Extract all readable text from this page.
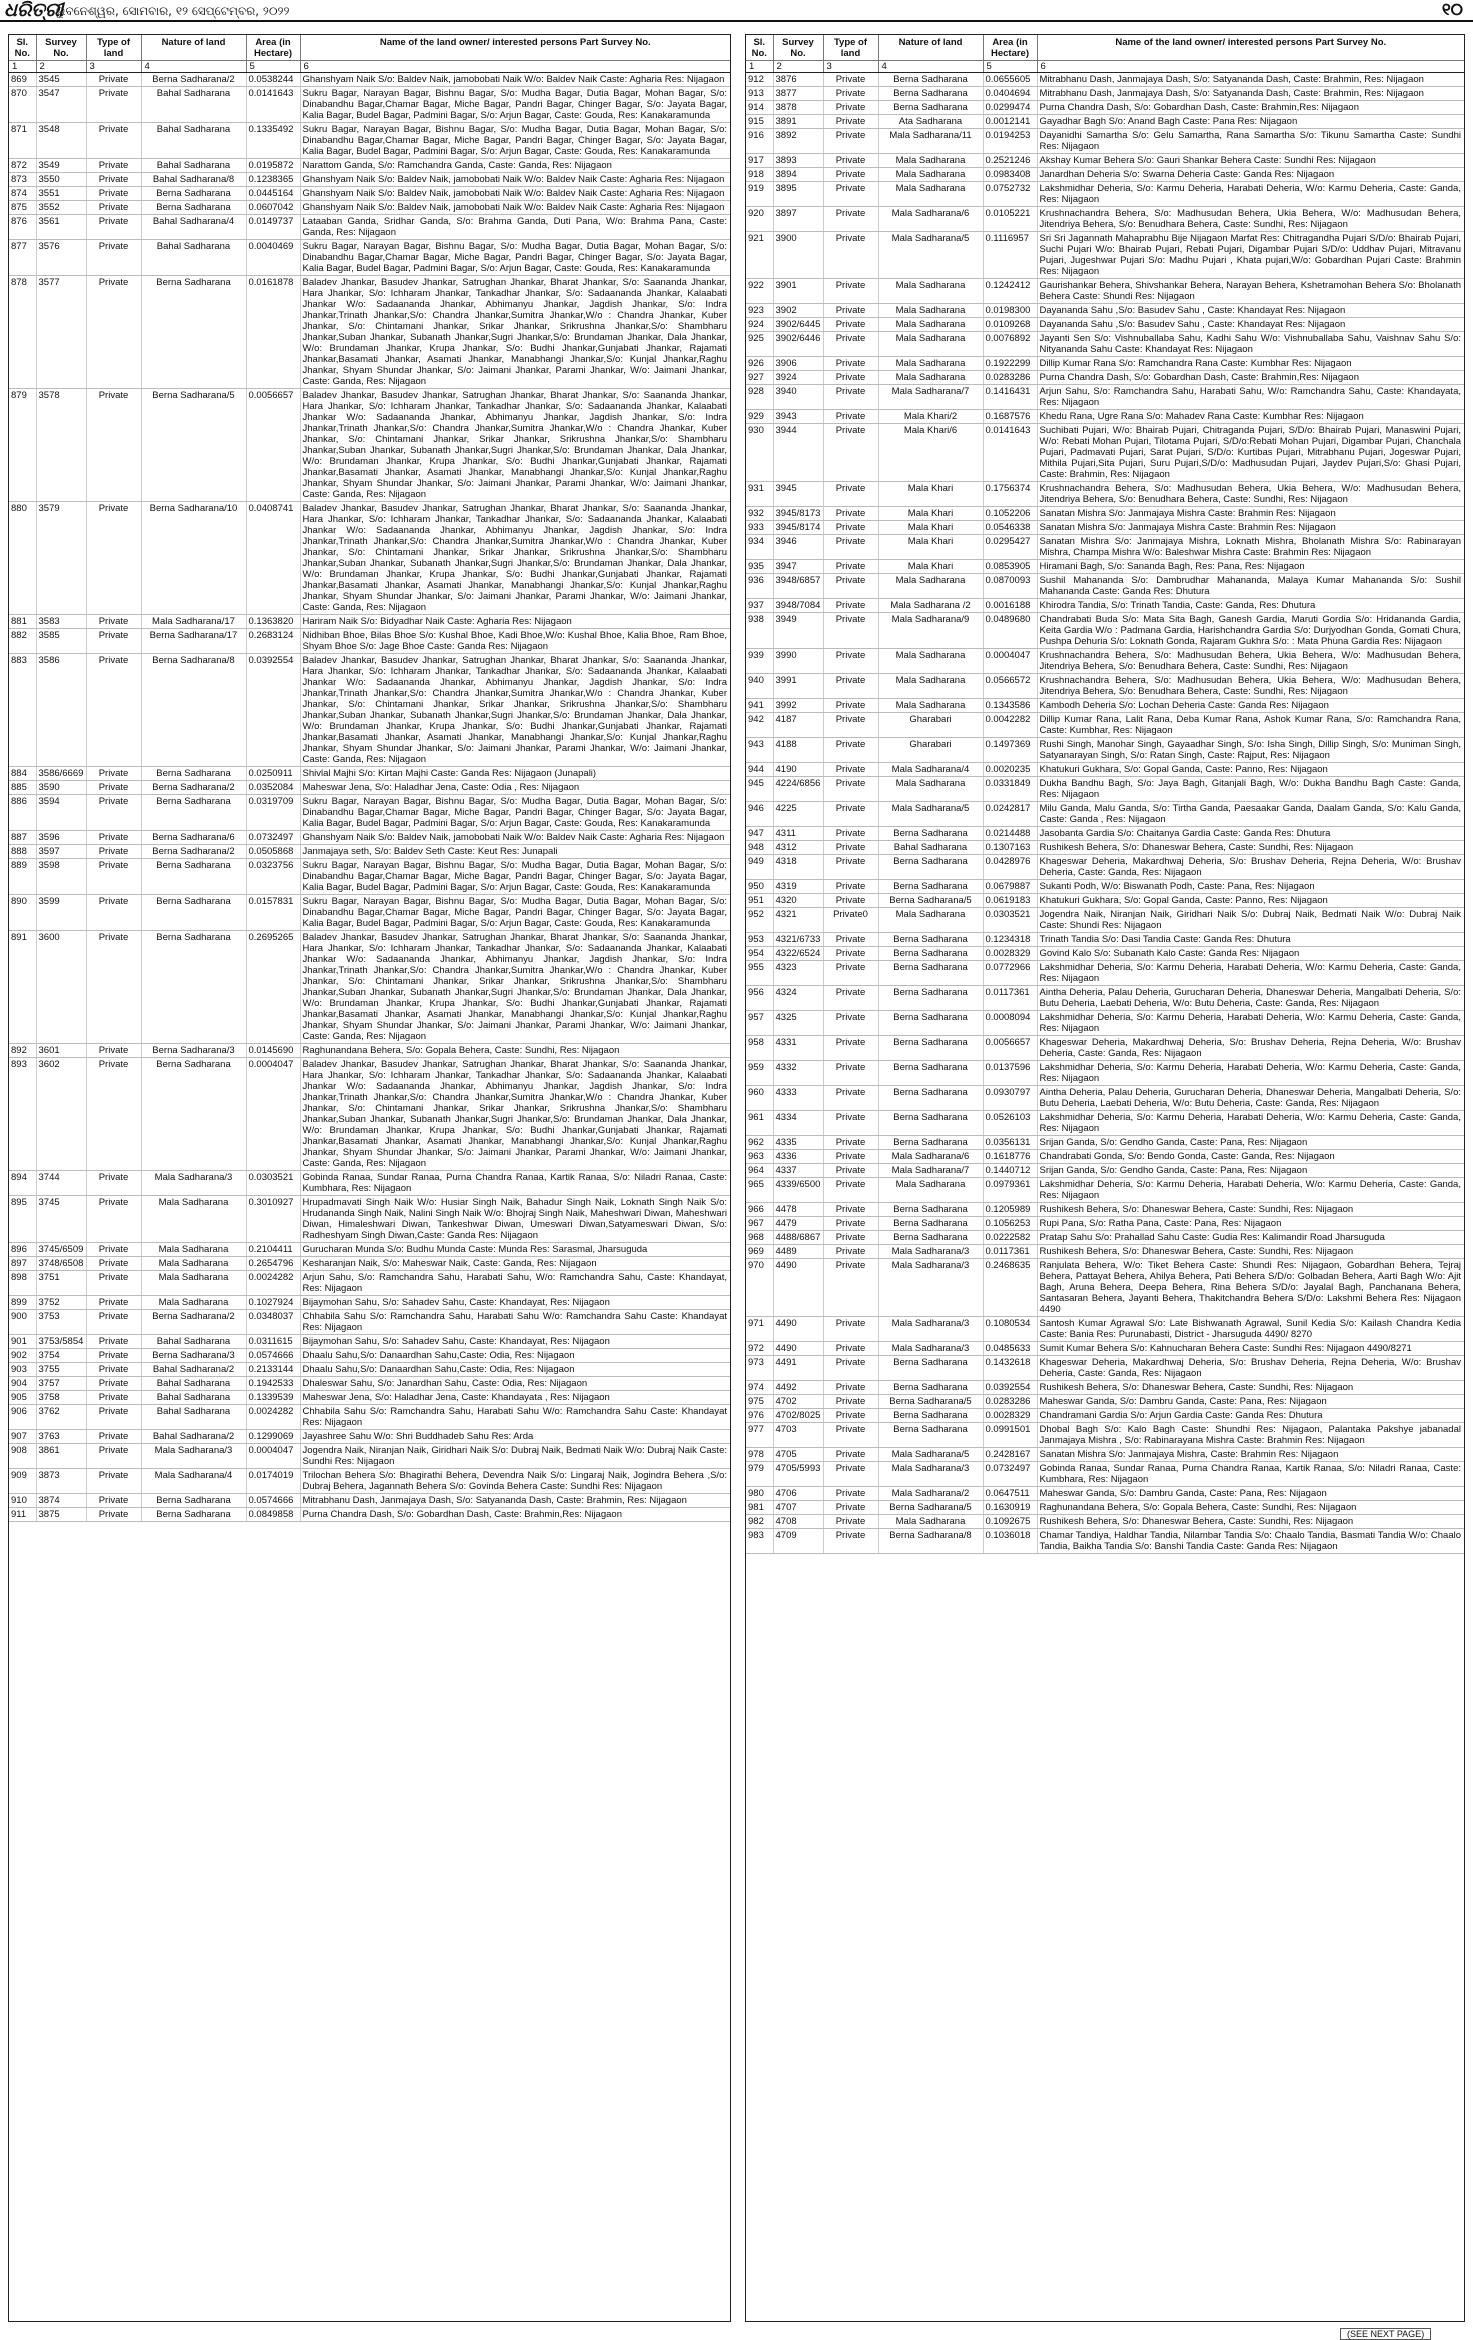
ଧରିତ୍ରୀ
ଭୁବନେଶ୍ୱର, ସୋମବାର, ୧୨ ସେପ୍ଟେମ୍ବର, ୨୦୨୨	୧୦
Sl. No.	Survey No.	Type of land	Nature of land	Area (in Hectare)	Name of the land owner/ interested persons Part Survey No.
1	2	3	4	5	6
869	3545	Private	Berna Sadharana/2	0.0538244	Ghanshyam Naik S/o: Baldev Naik, jamobobati Naik W/o: Baldev Naik Caste: Agharia Res: Nijagaon
870	3547	Private	Bahal Sadharana	0.0141643	Sukru Bagar, Narayan Bagar, Bishnu Bagar, S/o: Mudha Bagar, Dutia Bagar, Mohan Bagar, S/o: Dinabandhu Bagar,Chamar Bagar, Miche Bagar, Pandri Bagar, Chinger Bagar, S/o: Jayata Bagar, Kalia Bagar, Budel Bagar, Padmini Bagar, S/o: Arjun Bagar, Caste: Gouda, Res: Kanakaramunda
871	3548	Private	Bahal Sadharana	0.1335492	Sukru Bagar, Narayan Bagar, Bishnu Bagar, S/o: Mudha Bagar, Dutia Bagar, Mohan Bagar, S/o: Dinabandhu Bagar,Chamar Bagar, Miche Bagar, Pandri Bagar, Chinger Bagar, S/o: Jayata Bagar, Kalia Bagar, Budel Bagar, Padmini Bagar, S/o: Arjun Bagar, Caste: Gouda, Res: Kanakaramunda
872	3549	Private	Bahal Sadharana	0.0195872	Narattom Ganda, S/o: Ramchandra Ganda, Caste: Ganda, Res: Nijagaon
873	3550	Private	Bahal Sadharana/8	0.1238365	Ghanshyam Naik S/o: Baldev Naik, jamobobati Naik W/o: Baldev Naik Caste: Agharia Res: Nijagaon
874	3551	Private	Berna Sadharana	0.0445164	Ghanshyam Naik S/o: Baldev Naik, jamobobati Naik W/o: Baldev Naik Caste: Agharia Res: Nijagaon
875	3552	Private	Berna Sadharana	0.0607042	Ghanshyam Naik S/o: Baldev Naik, jamobobati Naik W/o: Baldev Naik Caste: Agharia Res: Nijagaon
876	3561	Private	Bahal Sadharana/4	0.0149737	Lataaban Ganda, Sridhar Ganda, S/o: Brahma Ganda, Duti Pana, W/o: Brahma Pana, Caste: Ganda, Res: Nijagaon
877	3576	Private	Bahal Sadharana	0.0040469	Sukru Bagar, Narayan Bagar, Bishnu Bagar, S/o: Mudha Bagar, Dutia Bagar, Mohan Bagar, S/o: Dinabandhu Bagar,Chamar Bagar, Miche Bagar, Pandri Bagar, Chinger Bagar, S/o: Jayata Bagar, Kalia Bagar, Budel Bagar, Padmini Bagar, S/o: Arjun Bagar, Caste: Gouda, Res: Kanakaramunda
878	3577	Private	Berna Sadharana	0.0161878	Baladev Jhankar, Basudev Jhankar, Satrughan Jhankar, Bharat Jhankar, S/o: Saananda Jhankar, Hara Jhankar, S/o: Ichharam Jhankar, Tankadhar Jhankar, S/o: Sadaananda Jhankar, Kalaabati Jhankar W/o: Sadaananda Jhankar, Abhimanyu Jhankar, Jagdish Jhankar, S/o: Indra Jhankar,Trinath Jhankar,S/o: Chandra Jhankar,Sumitra Jhankar,W/o : Chandra Jhankar, Kuber Jhankar, S/o: Chintamani Jhankar, Srikar Jhankar, Srikrushna Jhankar,S/o: Shambharu Jhankar,Suban Jhankar, Subanath Jhankar,Sugri Jhankar,S/o: Brundaman Jhankar, Dala Jhankar, W/o: Brundaman Jhankar, Krupa Jhankar, S/o: Budhi Jhankar,Gunjabati Jhankar, Rajamati Jhankar,Basamati Jhankar, Asamati Jhankar, Manabhangi Jhankar,S/o: Kunjal Jhankar,Raghu Jhankar, Shyam Shundar Jhankar, S/o: Jaimani Jhankar, Parami Jhankar, W/o: Jaimani Jhankar, Caste: Ganda, Res: Nijagaon
879	3578	Private	Berna Sadharana/5	0.0056657	Baladev Jhankar, Basudev Jhankar, Satrughan Jhankar, Bharat Jhankar, S/o: Saananda Jhankar, Hara Jhankar, S/o: Ichharam Jhankar, Tankadhar Jhankar, S/o: Sadaananda Jhankar, Kalaabati Jhankar W/o: Sadaananda Jhankar, Abhimanyu Jhankar, Jagdish Jhankar, S/o: Indra Jhankar,Trinath Jhankar,S/o: Chandra Jhankar,Sumitra Jhankar,W/o : Chandra Jhankar, Kuber Jhankar, S/o: Chintamani Jhankar, Srikar Jhankar, Srikrushna Jhankar,S/o: Shambharu Jhankar,Suban Jhankar, Subanath Jhankar,Sugri Jhankar,S/o: Brundaman Jhankar, Dala Jhankar, W/o: Brundaman Jhankar, Krupa Jhankar, S/o: Budhi Jhankar,Gunjabati Jhankar, Rajamati Jhankar,Basamati Jhankar, Asamati Jhankar, Manabhangi Jhankar,S/o: Kunjal Jhankar,Raghu Jhankar, Shyam Shundar Jhankar, S/o: Jaimani Jhankar, Parami Jhankar, W/o: Jaimani Jhankar, Caste: Ganda, Res: Nijagaon
880	3579	Private	Berna Sadharana/10	0.0408741	Baladev Jhankar, Basudev Jhankar, Satrughan Jhankar, Bharat Jhankar, S/o: Saananda Jhankar, Hara Jhankar, S/o: Ichharam Jhankar, Tankadhar Jhankar, S/o: Sadaananda Jhankar, Kalaabati Jhankar W/o: Sadaananda Jhankar, Abhimanyu Jhankar, Jagdish Jhankar, S/o: Indra Jhankar,Trinath Jhankar,S/o: Chandra Jhankar,Sumitra Jhankar,W/o : Chandra Jhankar, Kuber Jhankar, S/o: Chintamani Jhankar, Srikar Jhankar, Srikrushna Jhankar,S/o: Shambharu Jhankar,Suban Jhankar, Subanath Jhankar,Sugri Jhankar,S/o: Brundaman Jhankar, Dala Jhankar, W/o: Brundaman Jhankar, Krupa Jhankar, S/o: Budhi Jhankar,Gunjabati Jhankar, Rajamati Jhankar,Basamati Jhankar, Asamati Jhankar, Manabhangi Jhankar,S/o: Kunjal Jhankar,Raghu Jhankar, Shyam Shundar Jhankar, S/o: Jaimani Jhankar, Parami Jhankar, W/o: Jaimani Jhankar, Caste: Ganda, Res: Nijagaon
881	3583	Private	Mala Sadharana/17	0.1363820	Hariram Naik S/o: Bidyadhar Naik Caste: Agharia Res: Nijagaon
882	3585	Private	Berna Sadharana/17	0.2683124	Nidhiban Bhoe, Bilas Bhoe S/o: Kushal Bhoe, Kadi Bhoe,W/o: Kushal Bhoe, Kalia Bhoe, Ram Bhoe, Shyam Bhoe S/o: Jage Bhoe Caste: Ganda Res: Nijagaon
883	3586	Private	Berna Sadharana/8	0.0392554	Baladev Jhankar, Basudev Jhankar, Satrughan Jhankar, Bharat Jhankar, S/o: Saananda Jhankar, Hara Jhankar, S/o: Ichharam Jhankar, Tankadhar Jhankar, S/o: Sadaananda Jhankar, Kalaabati Jhankar W/o: Sadaananda Jhankar, Abhimanyu Jhankar, Jagdish Jhankar, S/o: Indra Jhankar,Trinath Jhankar,S/o: Chandra Jhankar,Sumitra Jhankar,W/o : Chandra Jhankar, Kuber Jhankar, S/o: Chintamani Jhankar, Srikar Jhankar, Srikrushna Jhankar,S/o: Shambharu Jhankar,Suban Jhankar, Subanath Jhankar,Sugri Jhankar,S/o: Brundaman Jhankar, Dala Jhankar, W/o: Brundaman Jhankar, Krupa Jhankar, S/o: Budhi Jhankar,Gunjabati Jhankar, Rajamati Jhankar,Basamati Jhankar, Asamati Jhankar, Manabhangi Jhankar,S/o: Kunjal Jhankar,Raghu Jhankar, Shyam Shundar Jhankar, S/o: Jaimani Jhankar, Parami Jhankar, W/o: Jaimani Jhankar, Caste: Ganda, Res: Nijagaon
884	3586/6669	Private	Berna Sadharana	0.0250911	Shivlal Majhi S/o: Kirtan Majhi Caste: Ganda Res: Nijagaon (Junapali)
885	3590	Private	Berna Sadharana/2	0.0352084	Maheswar Jena, S/o: Haladhar Jena, Caste: Odia , Res: Nijagaon
886	3594	Private	Berna Sadharana	0.0319709	Sukru Bagar, Narayan Bagar, Bishnu Bagar, S/o: Mudha Bagar, Dutia Bagar, Mohan Bagar, S/o: Dinabandhu Bagar,Chamar Bagar, Miche Bagar, Pandri Bagar, Chinger Bagar, S/o: Jayata Bagar, Kalia Bagar, Budel Bagar, Padmini Bagar, S/o: Arjun Bagar, Caste: Gouda, Res: Kanakaramunda
887	3596	Private	Berna Sadharana/6	0.0732497	Ghanshyam Naik S/o: Baldev Naik, jamobobati Naik W/o: Baldev Naik Caste: Agharia Res: Nijagaon
888	3597	Private	Berna Sadharana/2	0.0505868	Janmajaya seth, S/o: Baldev Seth Caste: Keut Res: Junapali
889	3598	Private	Berna Sadharana	0.0323756	Sukru Bagar, Narayan Bagar, Bishnu Bagar, S/o: Mudha Bagar, Dutia Bagar, Mohan Bagar, S/o: Dinabandhu Bagar,Chamar Bagar, Miche Bagar, Pandri Bagar, Chinger Bagar, S/o: Jayata Bagar, Kalia Bagar, Budel Bagar, Padmini Bagar, S/o: Arjun Bagar, Caste: Gouda, Res: Kanakaramunda
890	3599	Private	Berna Sadharana	0.0157831	Sukru Bagar, Narayan Bagar, Bishnu Bagar, S/o: Mudha Bagar, Dutia Bagar, Mohan Bagar, S/o: Dinabandhu Bagar,Chamar Bagar, Miche Bagar, Pandri Bagar, Chinger Bagar, S/o: Jayata Bagar, Kalia Bagar, Budel Bagar, Padmini Bagar, S/o: Arjun Bagar, Caste: Gouda, Res: Kanakaramunda
891	3600	Private	Berna Sadharana	0.2695265	Baladev Jhankar, Basudev Jhankar, Satrughan Jhankar, Bharat Jhankar, S/o: Saananda Jhankar, Hara Jhankar, S/o: Ichharam Jhankar, Tankadhar Jhankar, S/o: Sadaananda Jhankar, Kalaabati Jhankar W/o: Sadaananda Jhankar, Abhimanyu Jhankar, Jagdish Jhankar, S/o: Indra Jhankar,Trinath Jhankar,S/o: Chandra Jhankar,Sumitra Jhankar,W/o : Chandra Jhankar, Kuber Jhankar, S/o: Chintamani Jhankar, Srikar Jhankar, Srikrushna Jhankar,S/o: Shambharu Jhankar,Suban Jhankar, Subanath Jhankar,Sugri Jhankar,S/o: Brundaman Jhankar, Dala Jhankar, W/o: Brundaman Jhankar, Krupa Jhankar, S/o: Budhi Jhankar,Gunjabati Jhankar, Rajamati Jhankar,Basamati Jhankar, Asamati Jhankar, Manabhangi Jhankar,S/o: Kunjal Jhankar,Raghu Jhankar, Shyam Shundar Jhankar, S/o: Jaimani Jhankar, Parami Jhankar, W/o: Jaimani Jhankar, Caste: Ganda, Res: Nijagaon
892	3601	Private	Berna Sadharana/3	0.0145690	Raghunandana Behera, S/o: Gopala Behera, Caste: Sundhi, Res: Nijagaon
893	3602	Private	Berna Sadharana	0.0004047	Baladev Jhankar, Basudev Jhankar, Satrughan Jhankar, Bharat Jhankar, S/o: Saananda Jhankar, Hara Jhankar, S/o: Ichharam Jhankar, Tankadhar Jhankar, S/o: Sadaananda Jhankar, Kalaabati Jhankar W/o: Sadaananda Jhankar, Abhimanyu Jhankar, Jagdish Jhankar, S/o: Indra Jhankar,Trinath Jhankar,S/o: Chandra Jhankar,Sumitra Jhankar,W/o : Chandra Jhankar, Kuber Jhankar, S/o: Chintamani Jhankar, Srikar Jhankar, Srikrushna Jhankar,S/o: Shambharu Jhankar,Suban Jhankar, Subanath Jhankar,Sugri Jhankar,S/o: Brundaman Jhankar, Dala Jhankar, W/o: Brundaman Jhankar, Krupa Jhankar, S/o: Budhi Jhankar,Gunjabati Jhankar, Rajamati Jhankar,Basamati Jhankar, Asamati Jhankar, Manabhangi Jhankar,S/o: Kunjal Jhankar,Raghu Jhankar, Shyam Shundar Jhankar, S/o: Jaimani Jhankar, Parami Jhankar, W/o: Jaimani Jhankar, Caste: Ganda, Res: Nijagaon
894	3744	Private	Mala Sadharana/3	0.0303521	Gobinda Ranaa, Sundar Ranaa, Purna Chandra Ranaa, Kartik Ranaa, S/o: Niladri Ranaa, Caste: Kumbhara, Res: Nijagaon
895	3745	Private	Mala Sadharana	0.3010927	Hrupadmavati Singh Naik W/o: Husiar Singh Naik, Bahadur Singh Naik, Loknath Singh Naik S/o: Hrudananda Singh Naik, Nalini Singh Naik W/o: Bhojraj Singh Naik, Maheshwari Diwan, Maheshwari Diwan, Himaleshwari Diwan, Tankeshwar Diwan, Umeswari Diwan,Satyameswari Diwan, S/o: Radheshyam Singh Diwan,Caste: Ganda Res: Nijagaon
896	3745/6509	Private	Mala Sadharana	0.2104411	Gurucharan Munda S/o: Budhu Munda Caste: Munda Res: Sarasmal, Jharsuguda
897	3748/6508	Private	Mala Sadharana	0.2654796	Kesharanjan Naik, S/o: Maheswar Naik, Caste: Ganda, Res: Nijagaon
898	3751	Private	Mala Sadharana	0.0024282	Arjun Sahu, S/o: Ramchandra Sahu, Harabati Sahu, W/o: Ramchandra Sahu, Caste: Khandayat, Res: Nijagaon
899	3752	Private	Mala Sadharana	0.1027924	Bijaymohan Sahu, S/o: Sahadev Sahu, Caste: Khandayat, Res: Nijagaon
900	3753	Private	Berna Sadharana/2	0.0348037	Chhabila Sahu S/o: Ramchandra Sahu, Harabati Sahu W/o: Ramchandra Sahu Caste: Khandayat Res: Nijagaon
901	3753/5854	Private	Bahal Sadharana	0.0311615	Bijaymohan Sahu, S/o: Sahadev Sahu, Caste: Khandayat, Res: Nijagaon
902	3754	Private	Berna Sadharana/3	0.0574666	Dhaalu Sahu,S/o: Danaardhan Sahu,Caste: Odia, Res: Nijagaon
903	3755	Private	Bahal Sadharana/2	0.2133144	Dhaalu Sahu,S/o: Danaardhan Sahu,Caste: Odia, Res: Nijagaon
904	3757	Private	Bahal Sadharana	0.1942533	Dhaleswar Sahu, S/o: Janardhan Sahu, Caste: Odia, Res: Nijagaon
905	3758	Private	Bahal Sadharana	0.1339539	Maheswar Jena, S/o: Haladhar Jena, Caste: Khandayata , Res: Nijagaon
906	3762	Private	Bahal Sadharana	0.0024282	Chhabila Sahu S/o: Ramchandra Sahu, Harabati Sahu W/o: Ramchandra Sahu Caste: Khandayat Res: Nijagaon
907	3763	Private	Bahal Sadharana/2	0.1299069	Jayashree Sahu W/o: Shri Buddhadeb Sahu Res: Arda
908	3861	Private	Mala Sadharana/3	0.0004047	Jogendra Naik, Niranjan Naik, Giridhari Naik S/o: Dubraj Naik, Bedmati Naik W/o: Dubraj Naik Caste: Sundhi Res: Nijagaon
909	3873	Private	Mala Sadharana/4	0.0174019	Trilochan Behera S/o: Bhagirathi Behera, Devendra Naik S/o: Lingaraj Naik, Jogindra Behera ,S/o: Dubraj Behera, Jagannath Behera S/o: Govinda Behera Caste: Sundhi Res: Nijagaon
910	3874	Private	Berna Sadharana	0.0574666	Mitrabhanu Dash, Janmajaya Dash, S/o: Satyananda Dash, Caste: Brahmin, Res: Nijagaon
911	3875	Private	Berna Sadharana	0.0849858	Purna Chandra Dash, S/o: Gobardhan Dash, Caste: Brahmin,Res: Nijagaon
Sl. No.	Survey No.	Type of land	Nature of land	Area (in Hectare)	Name of the land owner/ interested persons Part Survey No.
1	2	3	4	5	6
912	3876	Private	Berna Sadharana	0.0655605	Mitrabhanu Dash, Janmajaya Dash, S/o: Satyananda Dash, Caste: Brahmin, Res: Nijagaon
913	3877	Private	Berna Sadharana	0.0404694	Mitrabhanu Dash, Janmajaya Dash, S/o: Satyananda Dash, Caste: Brahmin, Res: Nijagaon
914	3878	Private	Berna Sadharana	0.0299474	Purna Chandra Dash, S/o: Gobardhan Dash, Caste: Brahmin,Res: Nijagaon
915	3891	Private	Ata Sadharana	0.0012141	Gayadhar Bagh S/o: Anand Bagh Caste: Pana Res: Nijagaon
916	3892	Private	Mala Sadharana/11	0.0194253	Dayanidhi Samartha S/o: Gelu Samartha, Rana Samartha S/o: Tikunu Samartha Caste: Sundhi Res: Nijagaon
917	3893	Private	Mala Sadharana	0.2521246	Akshay Kumar Behera S/o: Gauri Shankar Behera Caste: Sundhi Res: Nijagaon
918	3894	Private	Mala Sadharana	0.0983408	Janardhan Deheria S/o: Swarna Deheria Caste: Ganda Res: Nijagaon
919	3895	Private	Mala Sadharana	0.0752732	Lakshmidhar Deheria, S/o: Karmu Deheria, Harabati Deheria, W/o: Karmu Deheria, Caste: Ganda, Res: Nijagaon
920	3897	Private	Mala Sadharana/6	0.0105221	Krushnachandra Behera, S/o: Madhusudan Behera, Ukia Behera, W/o: Madhusudan Behera, Jitendriya Behera, S/o: Benudhara Behera, Caste: Sundhi, Res: Nijagaon
921	3900	Private	Mala Sadharana/5	0.1116957	Sri Sri Jagannath Mahaprabhu Bije Nijagaon Marfat Res: Chitragandha Pujari S/D/o: Bhairab Pujari, Suchi Pujari W/o: Bhairab Pujari, Rebati Pujari, Digambar Pujari S/D/o: Uddhav Pujari, Mitravanu Pujari, Jugeshwar Pujari S/o: Madhu Pujari , Khata pujari,W/o: Gobardhan Pujari Caste: Brahmin Res: Nijagaon
922	3901	Private	Mala Sadharana	0.1242412	Gaurishankar Behera, Shivshankar Behera, Narayan Behera, Kshetramohan Behera S/o: Bholanath Behera Caste: Shundi Res: Nijagaon
923	3902	Private	Mala Sadharana	0.0198300	Dayananda Sahu ,S/o: Basudev Sahu , Caste: Khandayat Res: Nijagaon
924	3902/6445	Private	Mala Sadharana	0.0109268	Dayananda Sahu ,S/o: Basudev Sahu , Caste: Khandayat Res: Nijagaon
925	3902/6446	Private	Mala Sadharana	0.0076892	Jayanti Sen S/o: Vishnuballaba Sahu, Kadhi Sahu W/o: Vishnuballaba Sahu, Vaishnav Sahu S/o: Nityananda Sahu Caste: Khandayat Res: Nijagaon
926	3906	Private	Mala Sadharana	0.1922299	Dillip Kumar Rana S/o: Ramchandra Rana Caste: Kumbhar Res: Nijagaon
927	3924	Private	Mala Sadharana	0.0283286	Purna Chandra Dash, S/o: Gobardhan Dash, Caste: Brahmin,Res: Nijagaon
928	3940	Private	Mala Sadharana/7	0.1416431	Arjun Sahu, S/o: Ramchandra Sahu, Harabati Sahu, W/o: Ramchandra Sahu, Caste: Khandayata, Res: Nijagaon
929	3943	Private	Mala Khari/2	0.1687576	Khedu Rana, Ugre Rana S/o: Mahadev Rana Caste: Kumbhar Res: Nijagaon
930	3944	Private	Mala Khari/6	0.0141643	Suchibati Pujari, W/o: Bhairab Pujari, Chitraganda Pujari, S/D/o: Bhairab Pujari, Manaswini Pujari, W/o: Rebati Mohan Pujari, Tilotama Pujari, S/D/o:Rebati Mohan Pujari, Digambar Pujari, Chanchala Pujari, Padmavati Pujari, Sarat Pujari, S/D/o: Kurtibas Pujari, Mitrabhanu Pujari, Jogeswar Pujari, Mithila Pujari,Sita Pujari, Suru Pujari,S/D/o: Madhusudan Pujari, Jaydev Pujari,S/o: Ghasi Pujari, Caste: Brahmin, Res: Nijagaon
931	3945	Private	Mala Khari	0.1756374	Krushnachandra Behera, S/o: Madhusudan Behera, Ukia Behera, W/o: Madhusudan Behera, Jitendriya Behera, S/o: Benudhara Behera, Caste: Sundhi, Res: Nijagaon
932	3945/8173	Private	Mala Khari	0.1052206	Sanatan Mishra S/o: Janmajaya Mishra Caste: Brahmin Res: Nijagaon
933	3945/8174	Private	Mala Khari	0.0546338	Sanatan Mishra S/o: Janmajaya Mishra Caste: Brahmin Res: Nijagaon
934	3946	Private	Mala Khari	0.0295427	Sanatan Mishra S/o: Janmajaya Mishra, Loknath Mishra, Bholanath Mishra S/o: Rabinarayan Mishra, Champa Mishra W/o: Baleshwar Mishra Caste: Brahmin Res: Nijagaon
935	3947	Private	Mala Khari	0.0853905	Hiramani Bagh, S/o: Sananda Bagh, Res: Pana, Res: Nijagaon
936	3948/6857	Private	Mala Sadharana	0.0870093	Sushil Mahananda S/o: Dambrudhar Mahananda, Malaya Kumar Mahananda S/o: Sushil Mahananda Caste: Ganda Res: Dhutura
937	3948/7084	Private	Mala Sadharana /2	0.0016188	Khirodra Tandia, S/o: Trinath Tandia, Caste: Ganda, Res: Dhutura
938	3949	Private	Mala Sadharana/9	0.0489680	Chandrabati Buda S/o: Mata Sita Bagh, Ganesh Gardia, Maruti Gordia S/o: Hridananda Gardia, Keita Gardia W/o : Padmana Gardia, Harishchandra Gardia S/o: Durjyodhan Gonda, Gomati Chura, Pushpa Dehuria S/o: Loknath Gonda, Rajaram Gukhra S/o: : Mata Phuna Gardia Res: Nijagaon
939	3990	Private	Mala Sadharana	0.0004047	Krushnachandra Behera, S/o: Madhusudan Behera, Ukia Behera, W/o: Madhusudan Behera, Jitendriya Behera, S/o: Benudhara Behera, Caste: Sundhi, Res: Nijagaon
940	3991	Private	Mala Sadharana	0.0566572	Krushnachandra Behera, S/o: Madhusudan Behera, Ukia Behera, W/o: Madhusudan Behera, Jitendriya Behera, S/o: Benudhara Behera, Caste: Sundhi, Res: Nijagaon
941	3992	Private	Mala Sadharana	0.1343586	Kambodh Deheria S/o: Lochan Deheria Caste: Ganda Res: Nijagaon
942	4187	Private	Gharabari	0.0042282	Dillip Kumar Rana, Lalit Rana, Deba Kumar Rana, Ashok Kumar Rana, S/o: Ramchandra Rana, Caste: Kumbhar, Res: Nijagaon
943	4188	Private	Gharabari	0.1497369	Rushi Singh, Manohar Singh, Gayaadhar Singh, S/o: Isha Singh, Dillip Singh, S/o: Muniman Singh, Satyanarayan Singh, S/o: Ratan Singh, Caste: Rajput, Res: Nijagaon
944	4190	Private	Mala Sadharana/4	0.0020235	Khatukuri Gukhara, S/o: Gopal Ganda, Caste: Panno, Res: Nijagaon
945	4224/6856	Private	Mala Sadharana	0.0331849	Dukha Bandhu Bagh, S/o: Jaya Bagh, Gitanjali Bagh, W/o: Dukha Bandhu Bagh Caste: Ganda, Res: Nijagaon
946	4225	Private	Mala Sadharana/5	0.0242817	Milu Ganda, Malu Ganda, S/o: Tirtha Ganda, Paesaakar Ganda, Daalam Ganda, S/o: Kalu Ganda, Caste: Ganda , Res: Nijagaon
947	4311	Private	Berna Sadharana	0.0214488	Jasobanta Gardia S/o: Chaitanya Gardia Caste: Ganda Res: Dhutura
948	4312	Private	Bahal Sadharana	0.1307163	Rushikesh Behera, S/o: Dhaneswar Behera, Caste: Sundhi, Res: Nijagaon
949	4318	Private	Berna Sadharana	0.0428976	Khageswar Deheria, Makardhwaj Deheria, S/o: Brushav Deheria, Rejna Deheria, W/o: Brushav Deheria, Caste: Ganda, Res: Nijagaon
950	4319	Private	Berna Sadharana	0.0679887	Sukanti Podh, W/o: Biswanath Podh, Caste: Pana, Res: Nijagaon
951	4320	Private	Berna Sadharana/5	0.0619183	Khatukuri Gukhara, S/o: Gopal Ganda, Caste: Panno, Res: Nijagaon
952	4321	Private0	Mala Sadharana	0.0303521	Jogendra Naik, Niranjan Naik, Giridhari Naik S/o: Dubraj Naik, Bedmati Naik W/o: Dubraj Naik Caste: Shundi Res: Nijagaon
953	4321/6733	Private	Berna Sadharana	0.1234318	Trinath Tandia S/o: Dasi Tandia Caste: Ganda Res: Dhutura
954	4322/6524	Private	Berna Sadharana	0.0028329	Govind Kalo S/o: Subanath Kalo Caste: Ganda Res: Nijagaon
955	4323	Private	Berna Sadharana	0.0772966	Lakshmidhar Deheria, S/o: Karmu Deheria, Harabati Deheria, W/o: Karmu Deheria, Caste: Ganda, Res: Nijagaon
956	4324	Private	Berna Sadharana	0.0117361	Aintha Deheria, Palau Deheria, Gurucharan Deheria, Dhaneswar Deheria, Mangalbati Deheria, S/o: Butu Deheria, Laebati Deheria, W/o: Butu Deheria, Caste: Ganda, Res: Nijagaon
957	4325	Private	Berna Sadharana	0.0008094	Lakshmidhar Deheria, S/o: Karmu Deheria, Harabati Deheria, W/o: Karmu Deheria, Caste: Ganda, Res: Nijagaon
958	4331	Private	Berna Sadharana	0.0056657	Khageswar Deheria, Makardhwaj Deheria, S/o: Brushav Deheria, Rejna Deheria, W/o: Brushav Deheria, Caste: Ganda, Res: Nijagaon
959	4332	Private	Berna Sadharana	0.0137596	Lakshmidhar Deheria, S/o: Karmu Deheria, Harabati Deheria, W/o: Karmu Deheria, Caste: Ganda, Res: Nijagaon
960	4333	Private	Berna Sadharana	0.0930797	Aintha Deheria, Palau Deheria, Gurucharan Deheria, Dhaneswar Deheria, Mangalbati Deheria, S/o: Butu Deheria, Laebati Deheria, W/o: Butu Deheria, Caste: Ganda, Res: Nijagaon
961	4334	Private	Berna Sadharana	0.0526103	Lakshmidhar Deheria, S/o: Karmu Deheria, Harabati Deheria, W/o: Karmu Deheria, Caste: Ganda, Res: Nijagaon
962	4335	Private	Berna Sadharana	0.0356131	Srijan Ganda, S/o: Gendho Ganda, Caste: Pana, Res: Nijagaon
963	4336	Private	Mala Sadharana/6	0.1618776	Chandrabati Gonda, S/o: Bendo Gonda, Caste: Ganda, Res: Nijagaon
964	4337	Private	Mala Sadharana/7	0.1440712	Srijan Ganda, S/o: Gendho Ganda, Caste: Pana, Res: Nijagaon
965	4339/6500	Private	Mala Sadharana	0.0979361	Lakshmidhar Deheria, S/o: Karmu Deheria, Harabati Deheria, W/o: Karmu Deheria, Caste: Ganda, Res: Nijagaon
966	4478	Private	Berna Sadharana	0.1205989	Rushikesh Behera, S/o: Dhaneswar Behera, Caste: Sundhi, Res: Nijagaon
967	4479	Private	Berna Sadharana	0.1056253	Rupi Pana, S/o: Ratha Pana, Caste: Pana, Res: Nijagaon
968	4488/6867	Private	Berna Sadharana	0.0222582	Pratap Sahu S/o: Prahallad Sahu Caste: Gudia Res: Kalimandir Road Jharsuguda
969	4489	Private	Mala Sadharana/3	0.0117361	Rushikesh Behera, S/o: Dhaneswar Behera, Caste: Sundhi, Res: Nijagaon
970	4490	Private	Mala Sadharana/3	0.2468635	Ranjulata Behera, W/o: Tiket Behera Caste: Shundi Res: Nijagaon, Gobardhan Behera, Tejraj Behera, Pattayat Behera, Ahilya Behera, Pati Behera S/D/o: Golbadan Behera, Aarti Bagh W/o: Ajit Bagh, Aruna Behera, Deepa Behera, Rina Behera S/D/o: Jayalal Bagh, Panchanana Behera, Santasaran Behera, Jayanti Behera, Thakitchandra Behera S/D/o: Lakshmi Behera Res: Nijagaon 4490
971	4490	Private	Mala Sadharana/3	0.1080534	Santosh Kumar Agrawal S/o: Late Bishwanath Agrawal, Sunil Kedia S/o: Kailash Chandra Kedia Caste: Bania Res: Purunabasti, District - Jharsuguda 4490/ 8270
972	4490	Private	Mala Sadharana/3	0.0485633	Sumit Kumar Behera S/o: Kahnucharan Behera Caste: Sundhi Res: Nijagaon 4490/8271
973	4491	Private	Berna Sadharana	0.1432618	Khageswar Deheria, Makardhwaj Deheria, S/o: Brushav Deheria, Rejna Deheria, W/o: Brushav Deheria, Caste: Ganda, Res: Nijagaon
974	4492	Private	Berna Sadharana	0.0392554	Rushikesh Behera, S/o: Dhaneswar Behera, Caste: Sundhi, Res: Nijagaon
975	4702	Private	Berna Sadharana/5	0.0283286	Maheswar Ganda, S/o: Dambru Ganda, Caste: Pana, Res: Nijagaon
976	4702/8025	Private	Berna Sadharana	0.0028329	Chandramani Gardia S/o: Arjun Gardia Caste: Ganda Res: Dhutura
977	4703	Private	Berna Sadharana	0.0991501	Dhobal Bagh S/o: Kalo Bagh Caste: Shundhi Res: Nijagaon, Palantaka Pakshye jabanadal Janmajaya Mishra , S/o: Rabinarayana Mishra Caste: Brahmin Res: Nijagaon
978	4705	Private	Mala Sadharana/5	0.2428167	Sanatan Mishra S/o: Janmajaya Mishra, Caste: Brahmin Res: Nijagaon
979	4705/5993	Private	Mala Sadharana/3	0.0732497	Gobinda Ranaa, Sundar Ranaa, Purna Chandra Ranaa, Kartik Ranaa, S/o: Niladri Ranaa, Caste: Kumbhara, Res: Nijagaon
980	4706	Private	Mala Sadharana/2	0.0647511	Maheswar Ganda, S/o: Dambru Ganda, Caste: Pana, Res: Nijagaon
981	4707	Private	Berna Sadharana/5	0.1630919	Raghunandana Behera, S/o: Gopala Behera, Caste: Sundhi, Res: Nijagaon
982	4708	Private	Mala Sadharana	0.1092675	Rushikesh Behera, S/o: Dhaneswar Behera, Caste: Sundhi, Res: Nijagaon
983	4709	Private	Berna Sadharana/8	0.1036018	Chamar Tandiya, Haldhar Tandia, Nilambar Tandia S/o: Chaalo Tandia, Basmati Tandia W/o: Chaalo Tandia, Baikha Tandia S/o: Banshi Tandia Caste: Ganda Res: Nijagaon
(SEE NEXT PAGE)
